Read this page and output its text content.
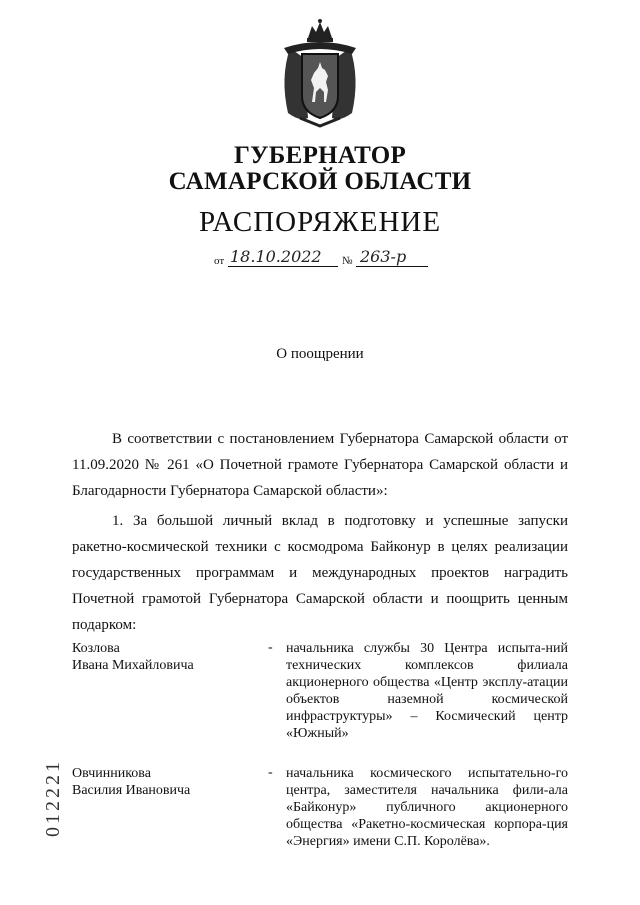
ГУБЕРНАТОР
САМАРСКОЙ ОБЛАСТИ
РАСПОРЯЖЕНИЕ
от 18.10.2022 № 263-р
О поощрении
В соответствии с постановлением Губернатора Самарской области от 11.09.2020 № 261 «О Почетной грамоте Губернатора Самарской области и Благодарности Губернатора Самарской области»:
1. За большой личный вклад в подготовку и успешные запуски ракетно-космической техники с космодрома Байконур в целях реализации государственных программам и международных проектов наградить Почетной грамотой Губернатора Самарской области и поощрить ценным подарком:
Козлова
Ивана Михайловича
- начальника службы 30 Центра испыта-ний технических комплексов филиала акционерного общества «Центр эксплу-атации объектов наземной космической инфраструктуры» – Космический центр «Южный»
Овчинникова
Василия Ивановича
- начальника космического испытательно-го центра, заместителя начальника фили-ала «Байконур» публичного акционерного общества «Ракетно-космическая корпора-ция «Энергия» имени С.П. Королёва».
012221
